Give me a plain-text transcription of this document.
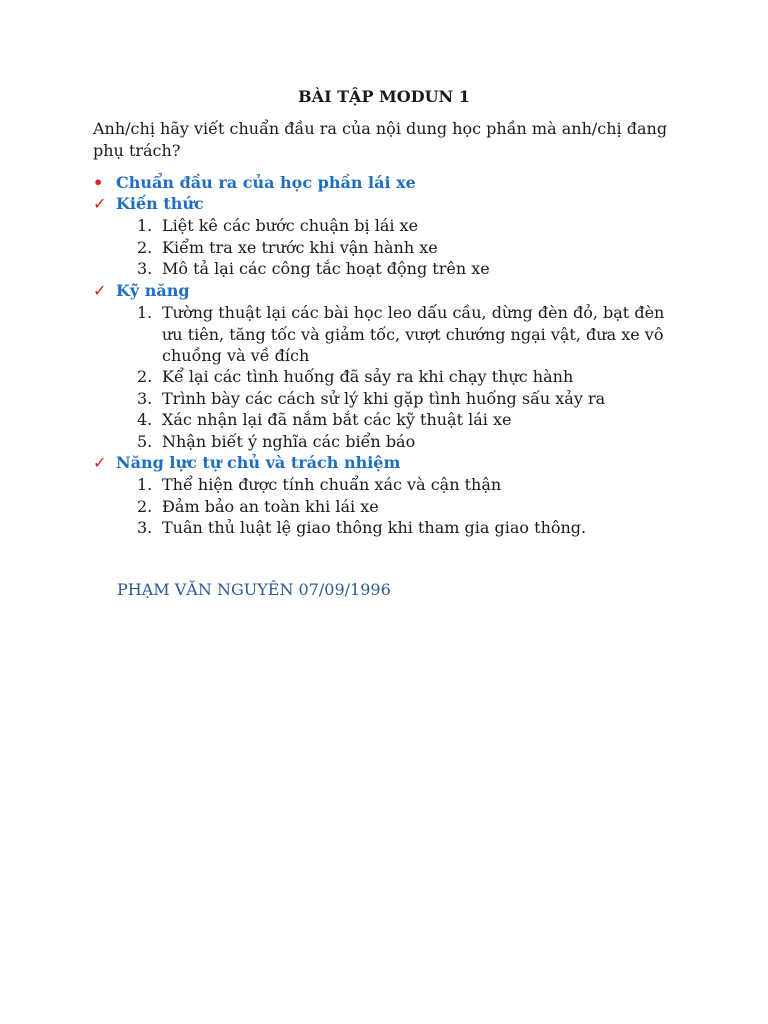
BÀI TẬP MODUN 1
Anh/chị hãy viết chuẩn đầu ra của nội dung học phần mà anh/chị đang phụ trách?
• Chuẩn đầu ra của học phần lái xe
✓ Kiến thức
1. Liệt kê các bước chuận bị lái xe
2. Kiểm tra xe trước khi vận hành xe
3. Mô tả lại các công tắc hoạt động trên xe
✓ Kỹ năng
1. Tường thuật lại các bài học leo dấu cầu, dừng đèn đỏ, bạt đèn ưu tiên, tăng tốc và giảm tốc, vượt chướng ngại vật, đưa xe vô chuồng và về đích
2. Kể lại các tình huống đã sảy ra khi chạy thực hành
3. Trình bày các cách sử lý khi gặp tình huống sấu xảy ra
4. Xác nhận lại đã nắm bắt các kỹ thuật lái xe
5. Nhận biết ý nghĩa các biển báo
✓ Năng lực tự chủ và trách nhiệm
1. Thể hiện được tính chuẩn xác và cận thận
2. Đảm bảo an toàn khi lái xe
3. Tuân thủ luật lệ giao thông khi tham gia giao thông.
PHẠM VĂN NGUYÊN 07/09/1996
